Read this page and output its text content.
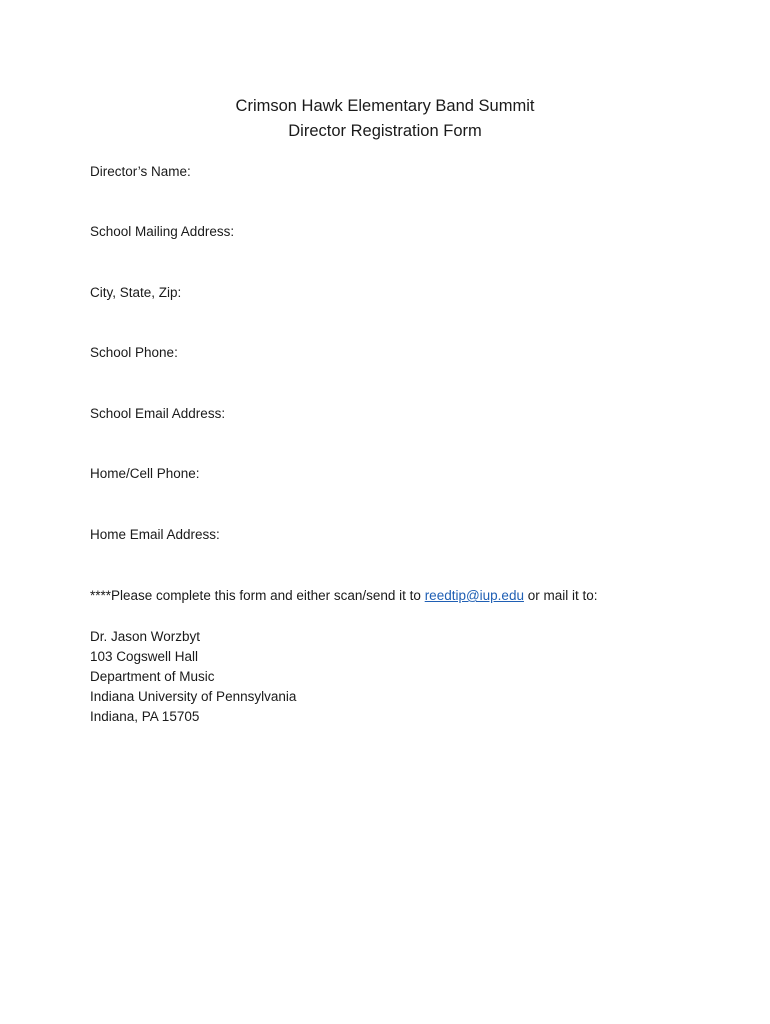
Crimson Hawk Elementary Band Summit
Director Registration Form
Director’s Name:
School Mailing Address:
City, State, Zip:
School Phone:
School Email Address:
Home/Cell Phone:
Home Email Address:
****Please complete this form and either scan/send it to reedtip@iup.edu or mail it to:
Dr. Jason Worzbyt
103 Cogswell Hall
Department of Music
Indiana University of Pennsylvania
Indiana, PA 15705
